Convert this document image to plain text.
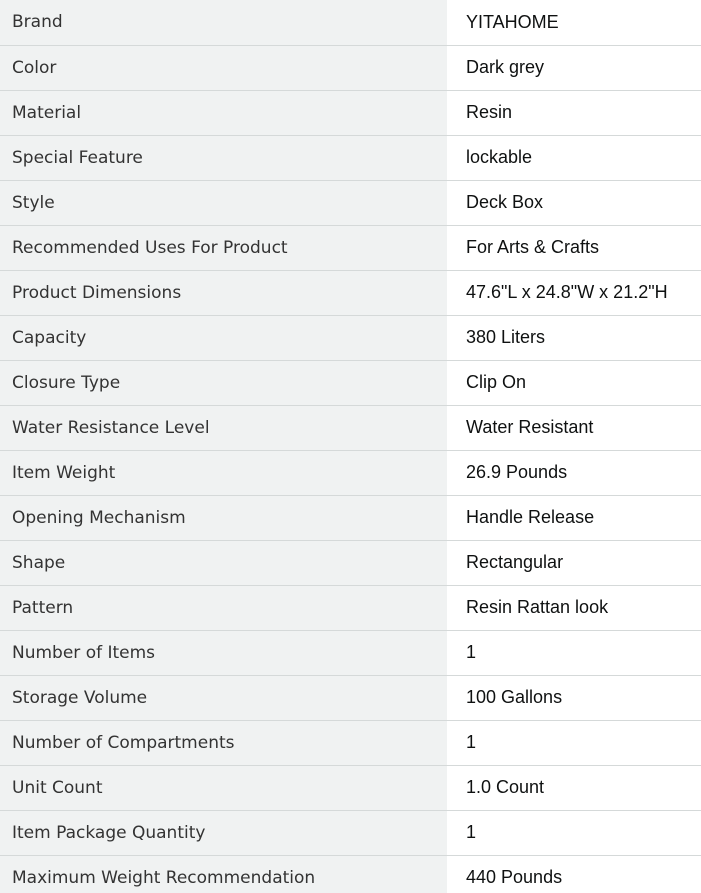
Brand	YITAHOME
Color	Dark grey
Material	Resin
Special Feature	lockable
Style	Deck Box
Recommended Uses For Product	For Arts & Crafts
Product Dimensions	47.6"L x 24.8"W x 21.2"H
Capacity	380 Liters
Closure Type	Clip On
Water Resistance Level	Water Resistant
Item Weight	26.9 Pounds
Opening Mechanism	Handle Release
Shape	Rectangular
Pattern	Resin Rattan look
Number of Items	1
Storage Volume	100 Gallons
Number of Compartments	1
Unit Count	1.0 Count
Item Package Quantity	1
Maximum Weight Recommendation	440 Pounds
